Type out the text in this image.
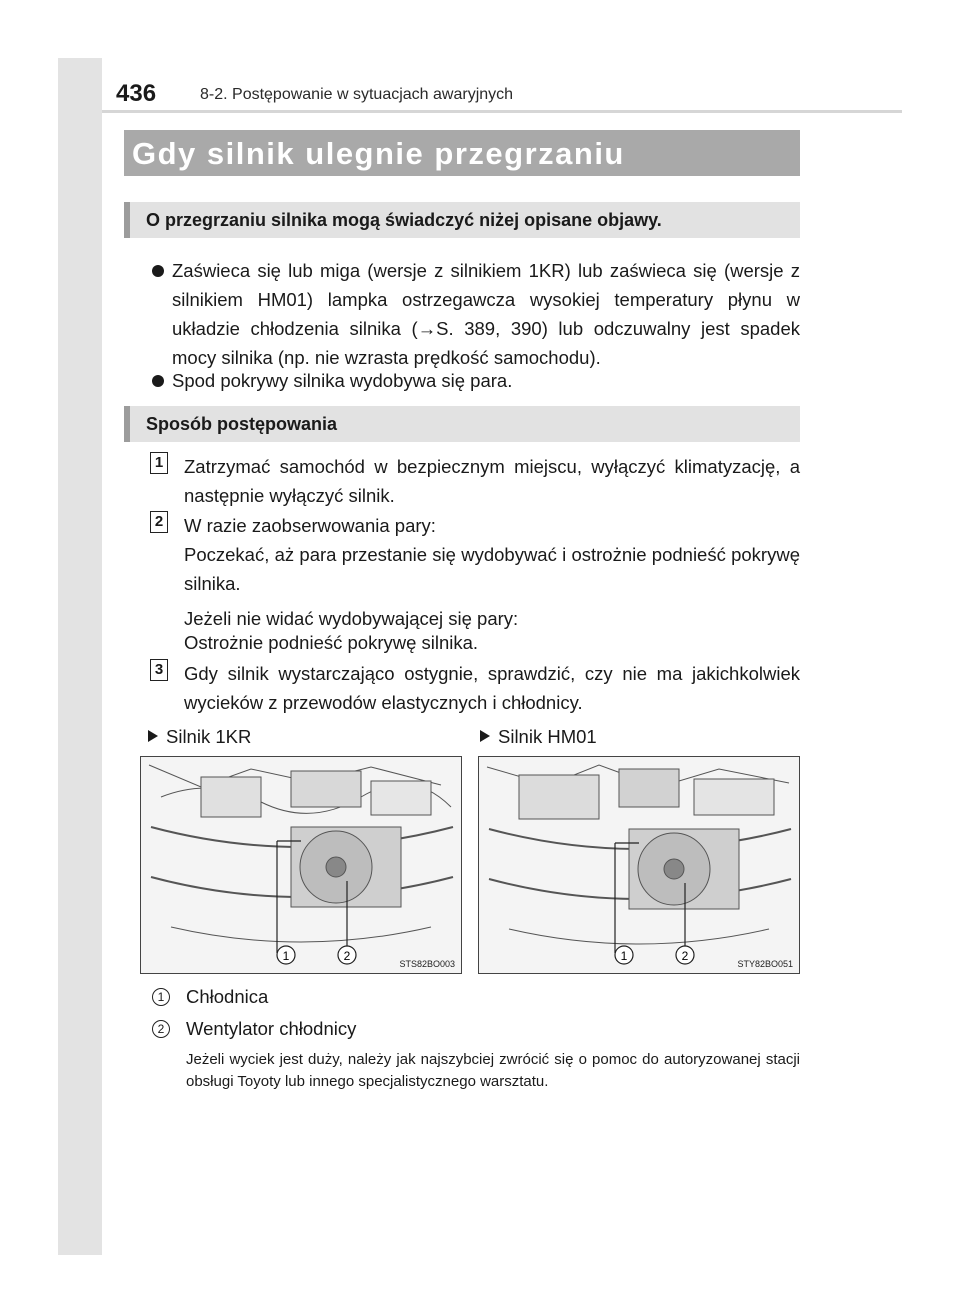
436	8-2. Postępowanie w sytuacjach awaryjnych
Gdy silnik ulegnie przegrzaniu
O przegrzaniu silnika mogą świadczyć niżej opisane objawy.
Zaświeca się lub miga (wersje z silnikiem 1KR) lub zaświeca się (wersje z silnikiem HM01) lampka ostrzegawcza wysokiej temperatury płynu w układzie chłodzenia silnika (→S. 389, 390) lub odczuwalny jest spadek mocy silnika (np. nie wzrasta prędkość samochodu).
Spod pokrywy silnika wydobywa się para.
Sposób postępowania
1 Zatrzymać samochód w bezpiecznym miejscu, wyłączyć klimatyzację, a następnie wyłączyć silnik.
2 W razie zaobserwowania pary:
Poczekać, aż para przestanie się wydobywać i ostrożnie podnieść pokrywę silnika.
Jeżeli nie widać wydobywającej się pary:
Ostrożnie podnieść pokrywę silnika.
3 Gdy silnik wystarczająco ostygnie, sprawdzić, czy nie ma jakichkolwiek wycieków z przewodów elastycznych i chłodnicy.
Silnik 1KR	Silnik HM01
1	2
STS82BO003
1	2
STY82BO051
1	Chłodnica
2	Wentylator chłodnicy
Jeżeli wyciek jest duży, należy jak najszybciej zwrócić się o pomoc do autoryzowanej stacji obsługi Toyoty lub innego specjalistycznego warsztatu.
